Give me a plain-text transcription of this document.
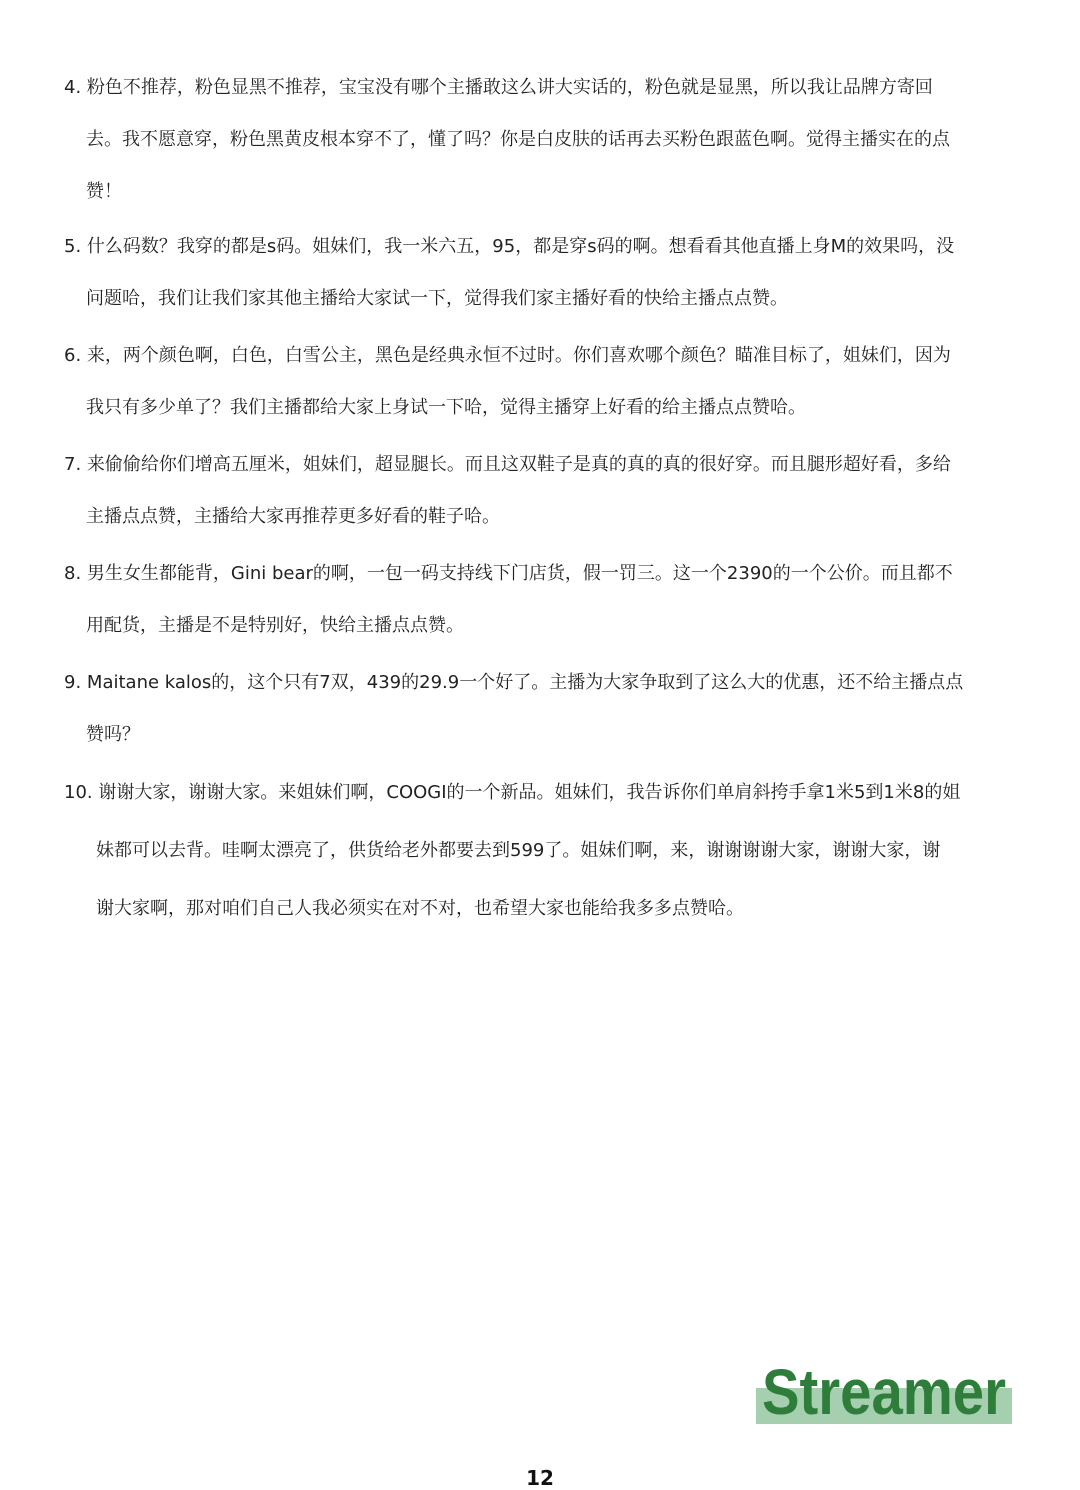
4. 粉色不推荐，粉色显黑不推荐，宝宝没有哪个主播敢这么讲大实话的，粉色就是显黑，所以我让品牌方寄回
去。我不愿意穿，粉色黑黄皮根本穿不了，懂了吗？你是白皮肤的话再去买粉色跟蓝色啊。觉得主播实在的点
赞！
5. 什么码数？我穿的都是s码。姐妹们，我一米六五，95，都是穿s码的啊。想看看其他直播上身M的效果吗，没
问题哈，我们让我们家其他主播给大家试一下，觉得我们家主播好看的快给主播点点赞。
6. 来，两个颜色啊，白色，白雪公主，黑色是经典永恒不过时。你们喜欢哪个颜色？瞄准目标了，姐妹们，因为
我只有多少单了？我们主播都给大家上身试一下哈，觉得主播穿上好看的给主播点点赞哈。
7. 来偷偷给你们增高五厘米，姐妹们，超显腿长。而且这双鞋子是真的真的真的很好穿。而且腿形超好看，多给
主播点点赞，主播给大家再推荐更多好看的鞋子哈。
8. 男生女生都能背，Gini bear的啊，一包一码支持线下门店货，假一罚三。这一个2390的一个公价。而且都不
用配货，主播是不是特别好，快给主播点点赞。
9. Maitane kalos的，这个只有7双，439的29.9一个好了。主播为大家争取到了这么大的优惠，还不给主播点点
赞吗？
10. 谢谢大家，谢谢大家。来姐妹们啊，COOGI的一个新品。姐妹们，我告诉你们单肩斜挎手拿1米5到1米8的姐
妹都可以去背。哇啊太漂亮了，供货给老外都要去到599了。姐妹们啊，来，谢谢谢谢大家，谢谢大家，谢
谢大家啊，那对咱们自己人我必须实在对不对，也希望大家也能给我多多点赞哈。
Streamer
12
